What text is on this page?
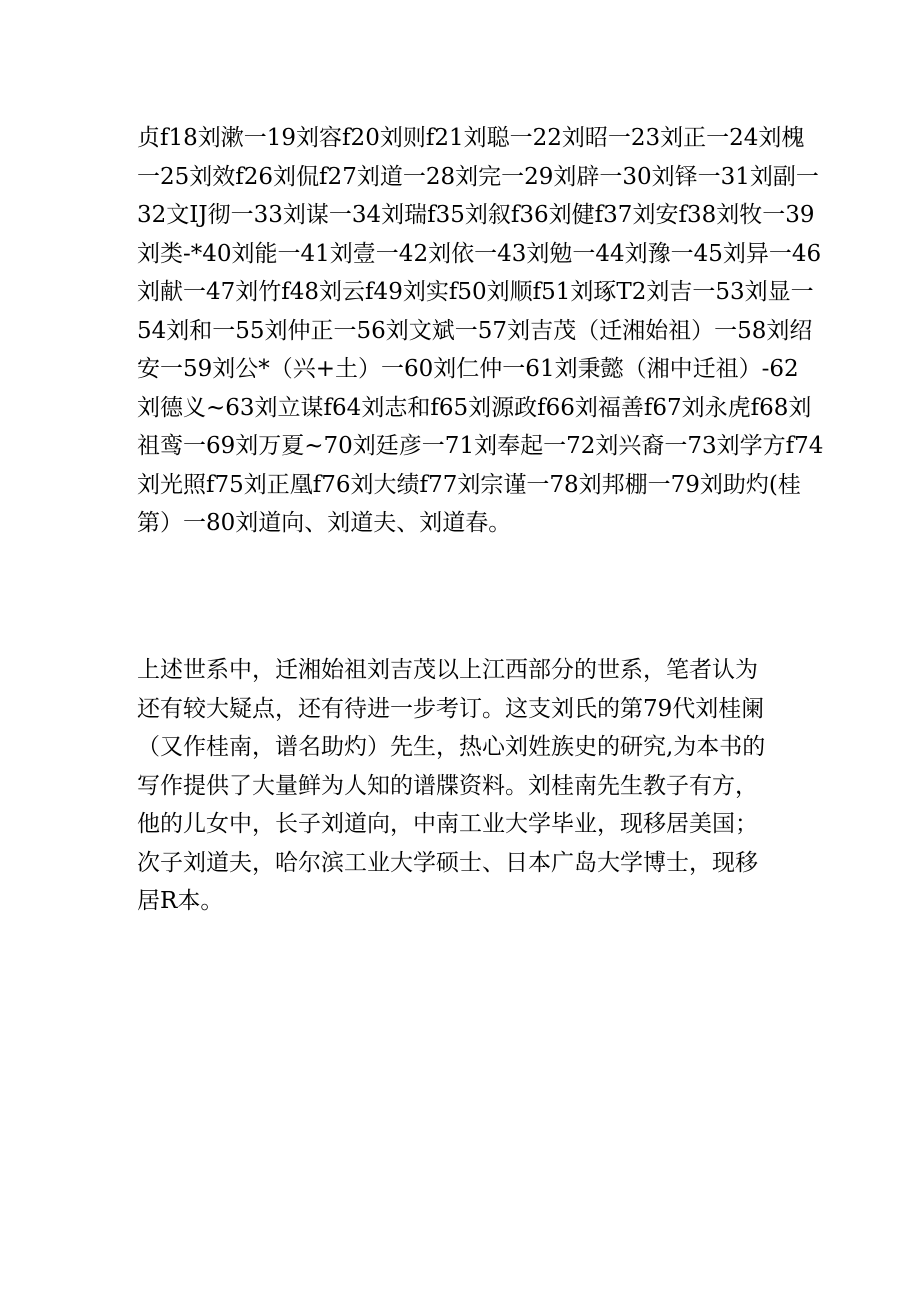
贞f18刘漱一19刘容f20刘则f21刘聪一22刘昭一23刘正一24刘槐
一25刘效f26刘侃f27刘道一28刘完一29刘辟一30刘铎一31刘副一
32文IJ彻一33刘谋一34刘瑞f35刘叙f36刘健f37刘安f38刘牧一39
刘类-*40刘能一41刘壹一42刘依一43刘勉一44刘豫一45刘异一46
刘献一47刘竹f48刘云f49刘实f50刘顺f51刘琢T2刘吉一53刘显一
54刘和一55刘仲正一56刘文斌一57刘吉茂（迁湘始祖）一58刘绍
安一59刘公*（兴+土）一60刘仁仲一61刘秉懿（湘中迁祖）-62
刘德义~63刘立谋f64刘志和f65刘源政f66刘福善f67刘永虎f68刘
祖鸾一69刘万夏~70刘廷彦一71刘奉起一72刘兴裔一73刘学方f74
刘光照f75刘正凰f76刘大绩f77刘宗谨一78刘邦棚一79刘助灼(桂
第）一80刘道向、刘道夫、刘道春。
上述世系中，迁湘始祖刘吉茂以上江西部分的世系，笔者认为
还有较大疑点，还有待进一步考订。这支刘氏的第79代刘桂阑
（又作桂南，谱名助灼）先生，热心刘姓族史的研究,为本书的
写作提供了大量鲜为人知的谱牒资料。刘桂南先生教子有方，
他的儿女中，长子刘道向，中南工业大学毕业，现移居美国；
次子刘道夫，哈尔滨工业大学硕士、日本广岛大学博士，现移
居R本。
